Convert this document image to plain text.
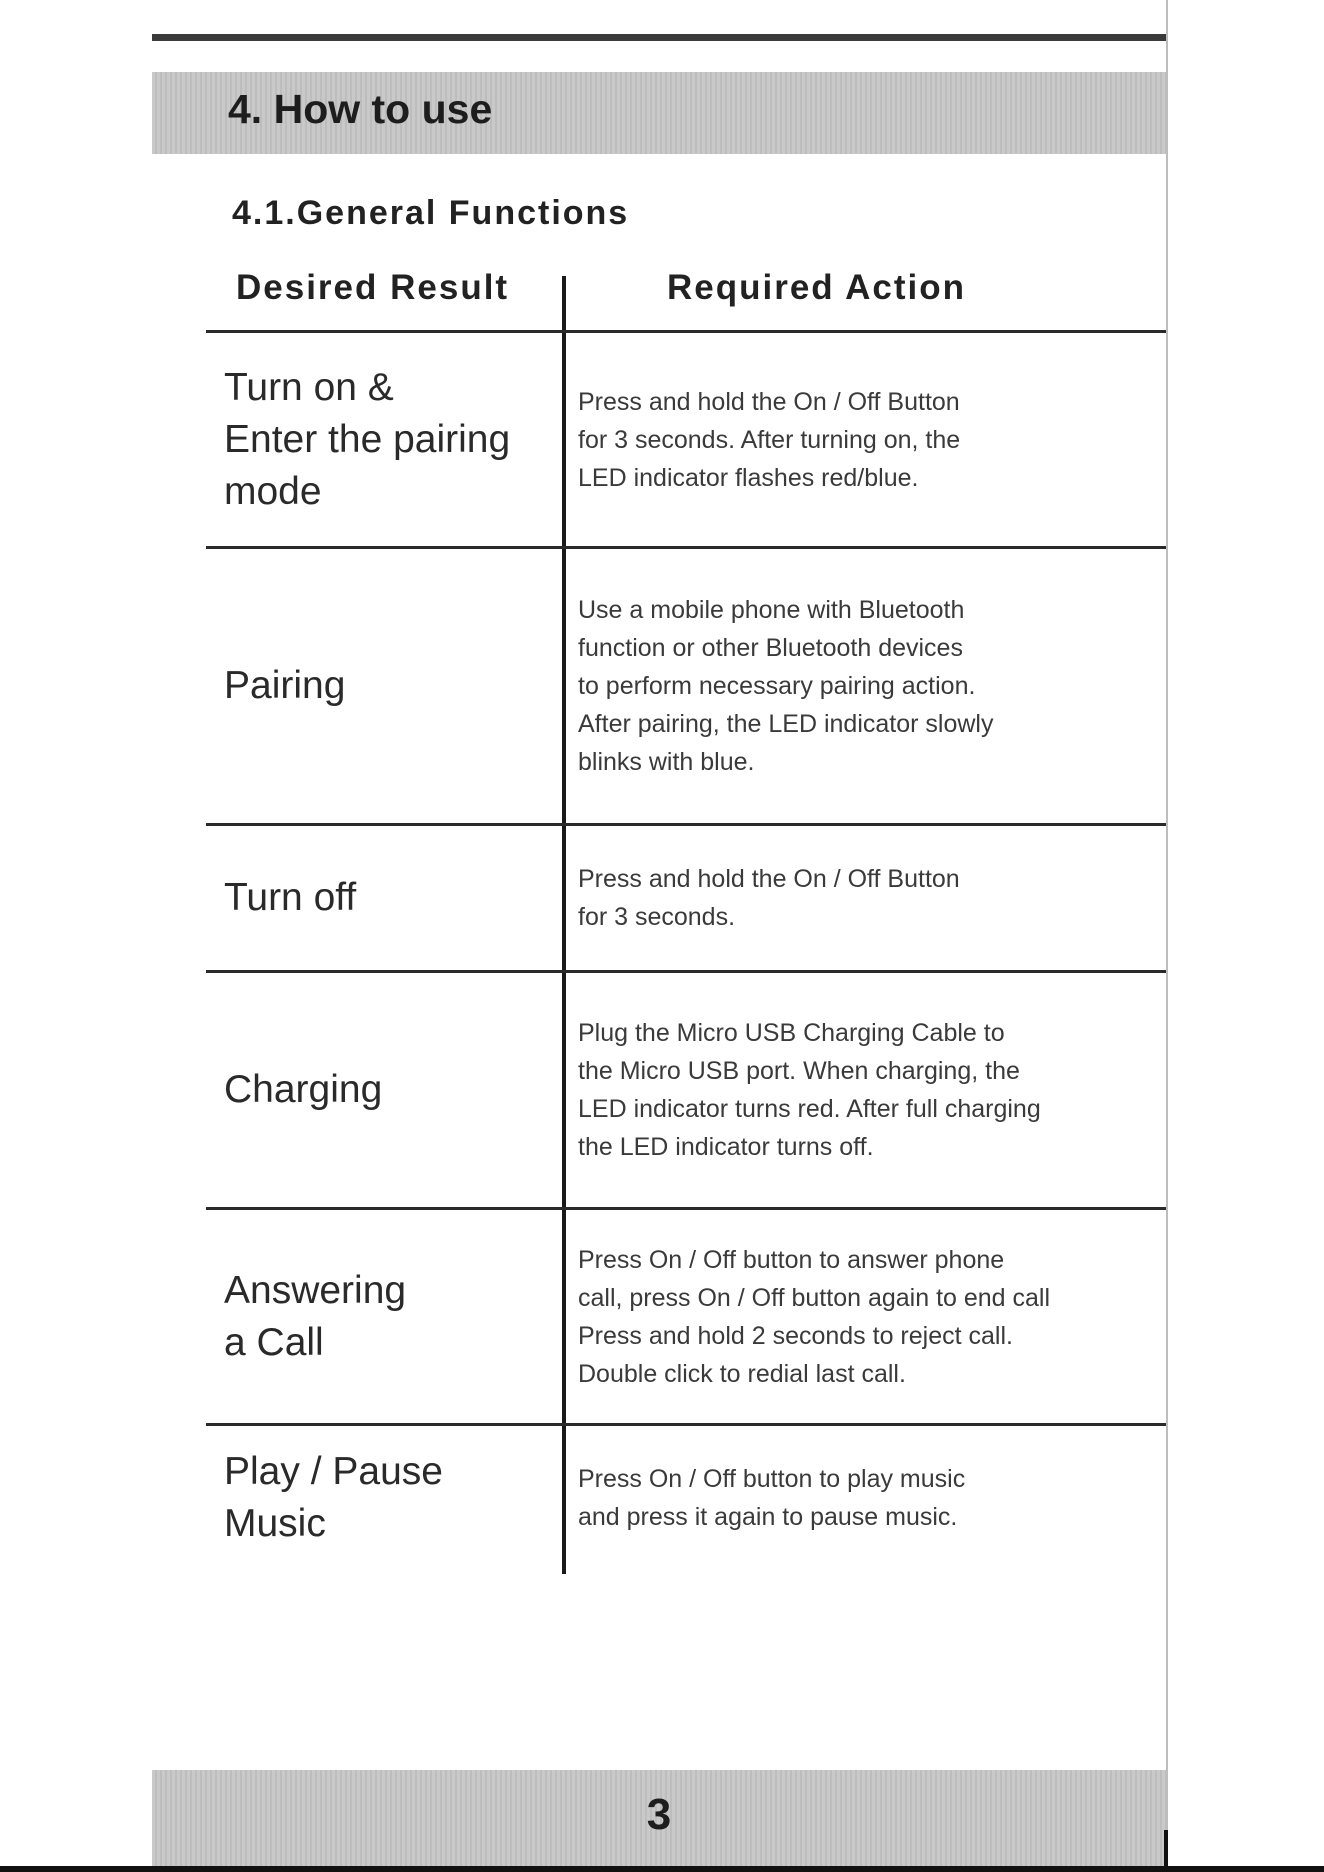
4. How to use
4.1.General Functions
Desired Result	Required Action
Turn on &
Enter the pairing
mode
Press and hold the On / Off Button
for 3 seconds. After turning on, the
LED indicator flashes red/blue.
Pairing
Use a mobile phone with Bluetooth
function or other Bluetooth devices
to perform necessary pairing action.
After pairing, the LED indicator slowly
blinks with blue.
Turn off	Press and hold the On / Off Button
for 3 seconds.
Charging
Plug the Micro USB Charging Cable to
the Micro USB port. When charging, the
LED indicator turns red. After full charging
the LED indicator turns off.
Answering
a Call
Press On / Off button to answer phone
call, press On / Off button again to end call
Press and hold 2 seconds to reject call.
Double click to redial last call.
Play / Pause
Music
Press On / Off button to play music
and press it again to pause music.
3
